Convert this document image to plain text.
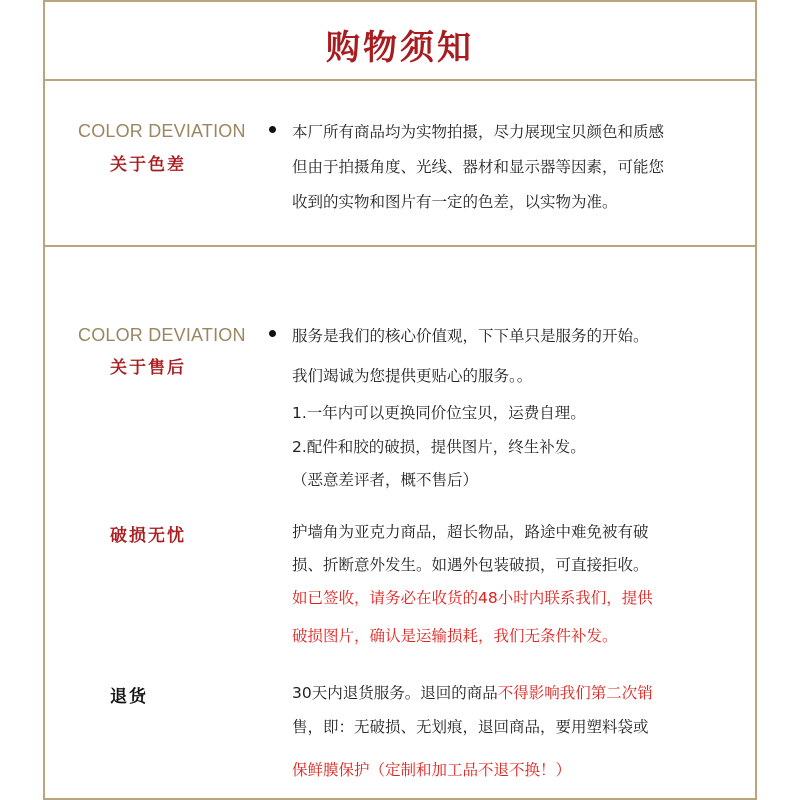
购物须知
COLOR DEVIATION
关于色差
本厂所有商品均为实物拍摄，尽力展现宝贝颜色和质感
但由于拍摄角度、光线、器材和显示器等因素，可能您
收到的实物和图片有一定的色差，以实物为准。
COLOR DEVIATION
关于售后
服务是我们的核心价值观，下下单只是服务的开始。
我们竭诚为您提供更贴心的服务。。
1.一年内可以更换同价位宝贝，运费自理。
2.配件和胶的破损，提供图片，终生补发。
（恶意差评者，概不售后）
破损无忧	护墙角为亚克力商品，超长物品，路途中难免被有破
损、折断意外发生。如遇外包装破损，可直接拒收。
如已签收，请务必在收货的48小时内联系我们，提供
破损图片，确认是运输损耗，我们无条件补发。
退货	30天内退货服务。退回的商品不得影响我们第二次销
售，即：无破损、无划痕，退回商品，要用塑料袋或
保鲜膜保护（定制和加工品不退不换！）
